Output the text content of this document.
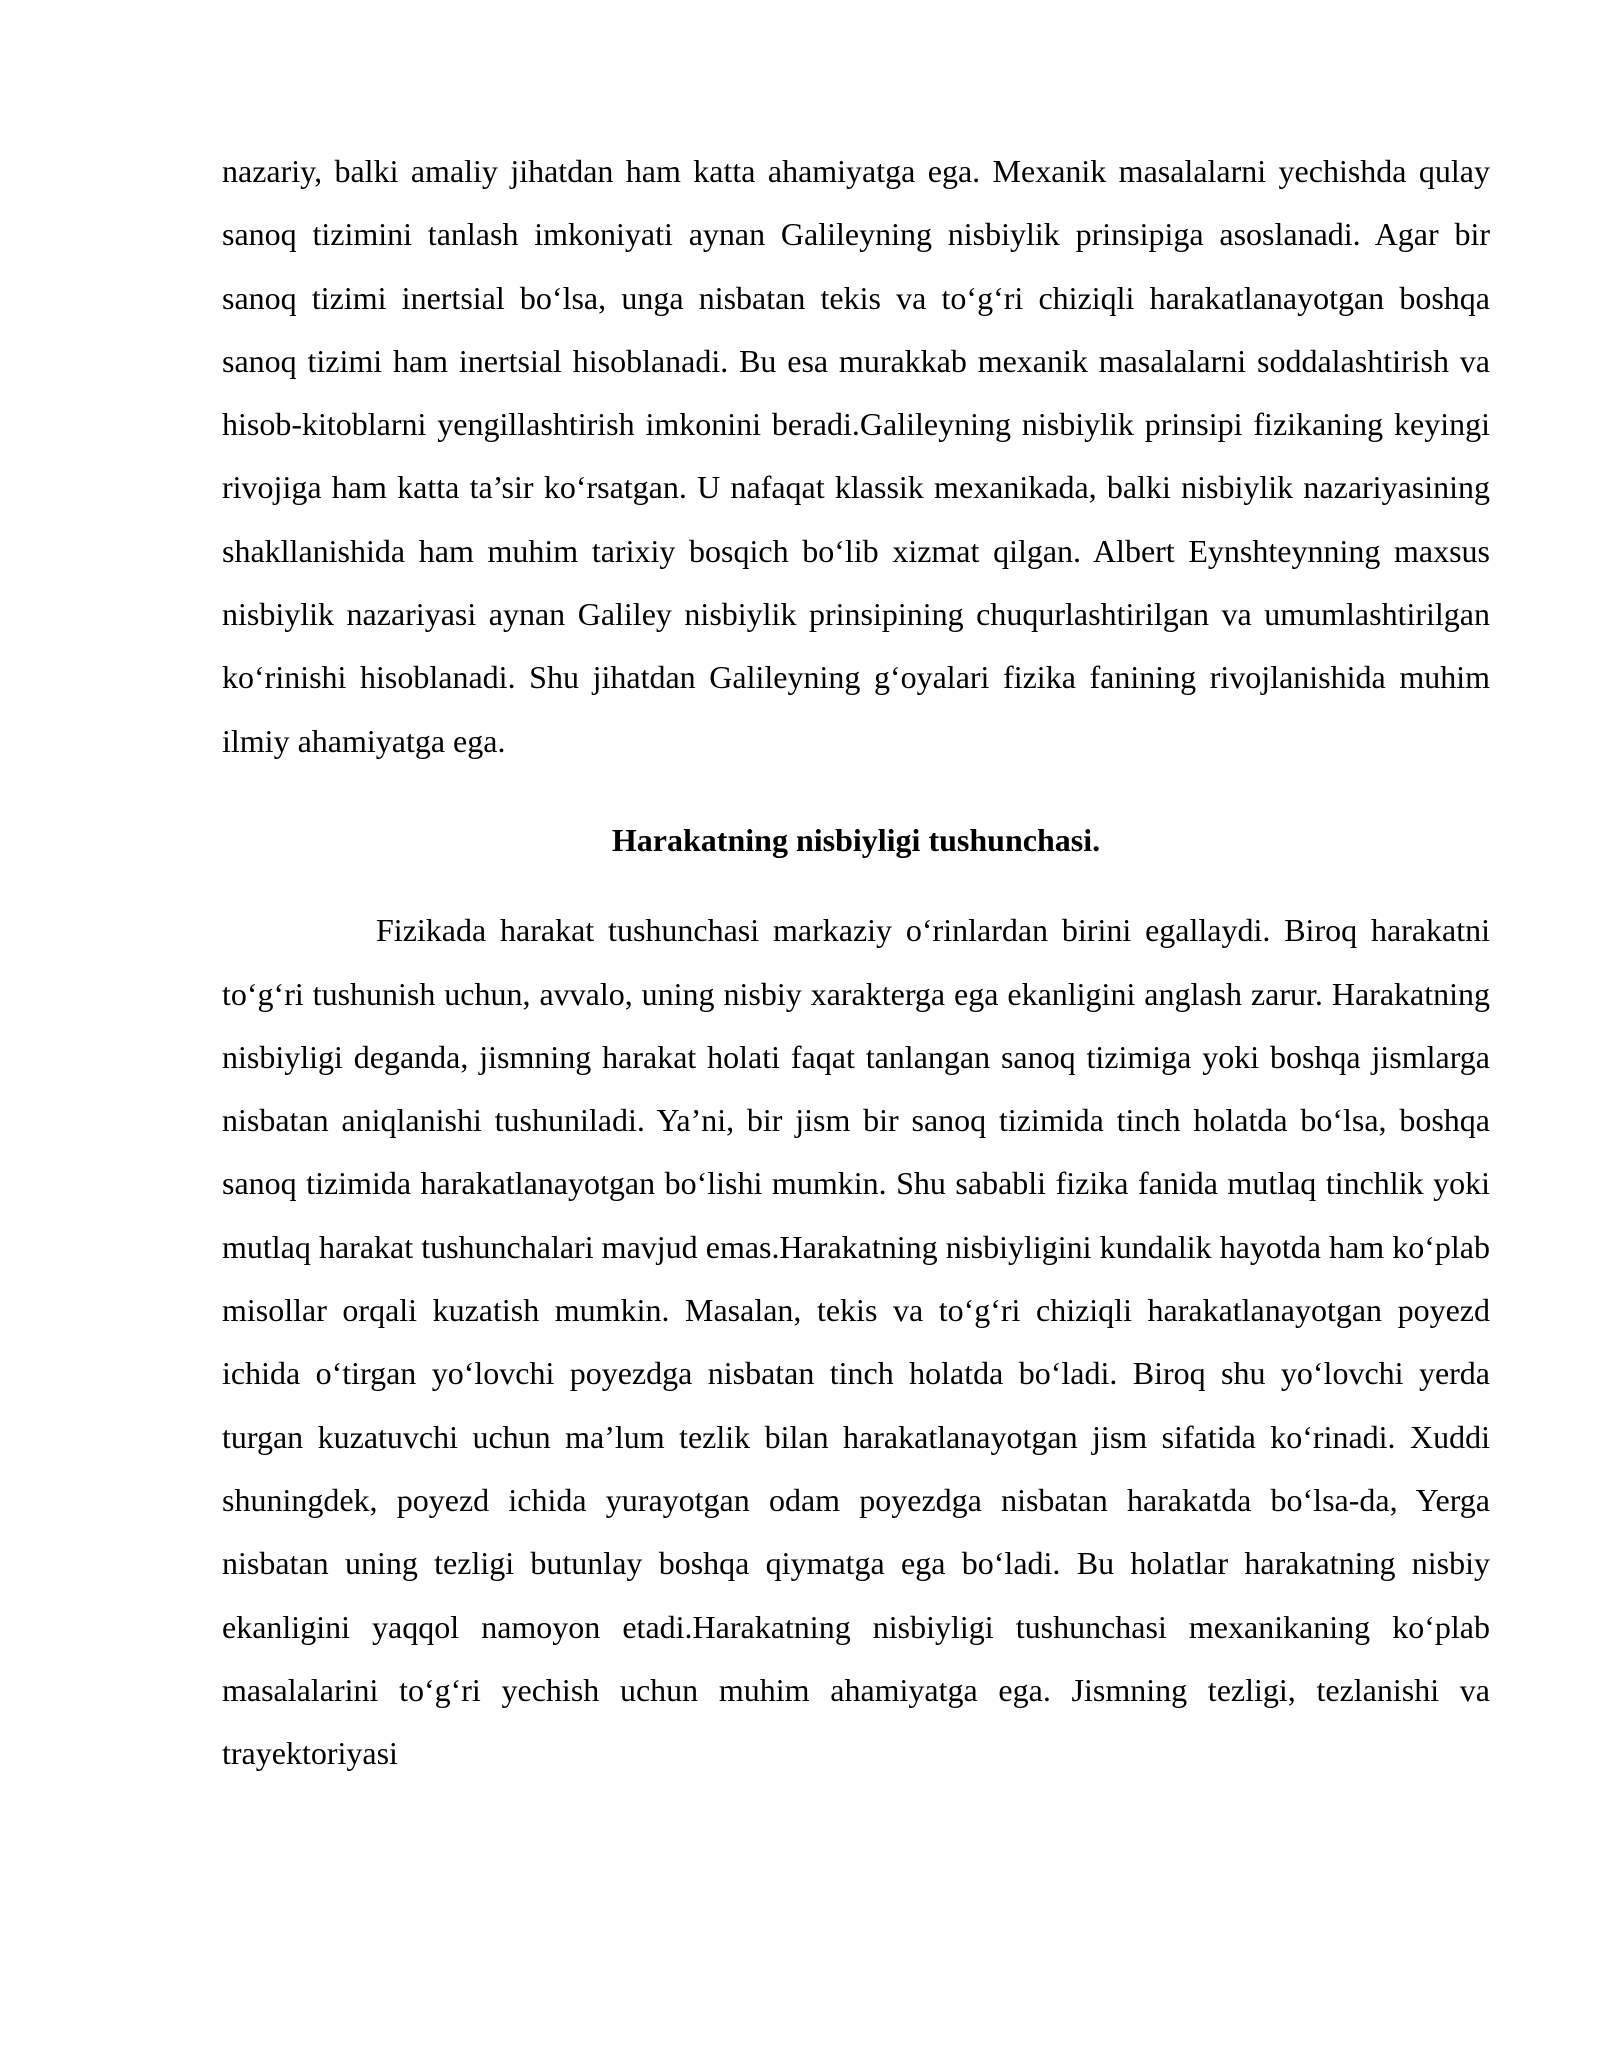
nazariy, balki amaliy jihatdan ham katta ahamiyatga ega. Mexanik masalalarni yechishda qulay sanoq tizimini tanlash imkoniyati aynan Galileyning nisbiylik prinsipiga asoslanadi. Agar bir sanoq tizimi inertsial bo‘lsa, unga nisbatan tekis va to‘g‘ri chiziqli harakatlanayotgan boshqa sanoq tizimi ham inertsial hisoblanadi. Bu esa murakkab mexanik masalalarni soddalashtirish va hisob-kitoblarni yengillashtirish imkonini beradi.Galileyning nisbiylik prinsipi fizikaning keyingi rivojiga ham katta ta’sir ko‘rsatgan. U nafaqat klassik mexanikada, balki nisbiylik nazariyasining shakllanishida ham muhim tarixiy bosqich bo‘lib xizmat qilgan. Albert Eynshteynning maxsus nisbiylik nazariyasi aynan Galiley nisbiylik prinsipining chuqurlashtirilgan va umumlashtirilgan ko‘rinishi hisoblanadi. Shu jihatdan Galileyning g‘oyalari fizika fanining rivojlanishida muhim ilmiy ahamiyatga ega.

Harakatning nisbiyligi tushunchasi.

Fizikada harakat tushunchasi markaziy o‘rinlardan birini egallaydi. Biroq harakatni to‘g‘ri tushunish uchun, avvalo, uning nisbiy xarakterga ega ekanligini anglash zarur. Harakatning nisbiyligi deganda, jismning harakat holati faqat tanlangan sanoq tizimiga yoki boshqa jismlarga nisbatan aniqlanishi tushuniladi. Ya’ni, bir jism bir sanoq tizimida tinch holatda bo‘lsa, boshqa sanoq tizimida harakatlanayotgan bo‘lishi mumkin. Shu sababli fizika fanida mutlaq tinchlik yoki mutlaq harakat tushunchalari mavjud emas.Harakatning nisbiyligini kundalik hayotda ham ko‘plab misollar orqali kuzatish mumkin. Masalan, tekis va to‘g‘ri chiziqli harakatlanayotgan poyezd ichida o‘tirgan yo‘lovchi poyezdga nisbatan tinch holatda bo‘ladi. Biroq shu yo‘lovchi yerda turgan kuzatuvchi uchun ma’lum tezlik bilan harakatlanayotgan jism sifatida ko‘rinadi. Xuddi shuningdek, poyezd ichida yurayotgan odam poyezdga nisbatan harakatda bo‘lsa-da, Yerga nisbatan uning tezligi butunlay boshqa qiymatga ega bo‘ladi. Bu holatlar harakatning nisbiy ekanligini yaqqol namoyon etadi.Harakatning nisbiyligi tushunchasi mexanikaning ko‘plab masalalarini to‘g‘ri yechish uchun muhim ahamiyatga ega. Jismning tezligi, tezlanishi va trayektoriyasi
